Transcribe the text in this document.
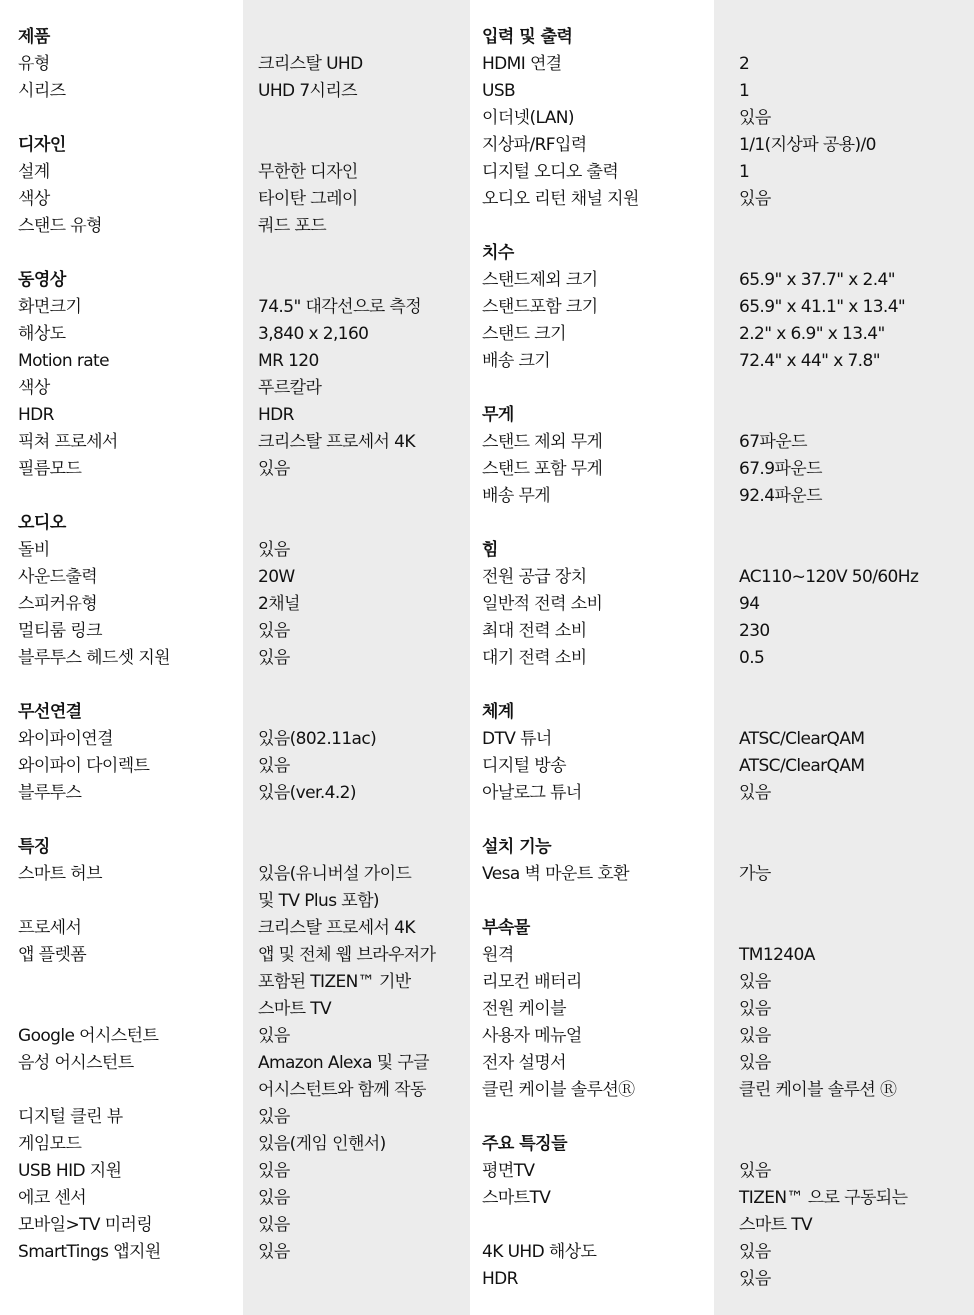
제품
유형	크리스탈 UHD
시리즈	UHD 7시리즈
디자인
설계	무한한 디자인
색상	타이탄 그레이
스탠드 유형	쿼드 포드
동영상
화면크기	74.5" 대각선으로 측정
해상도	3,840 x 2,160
Motion rate	MR 120
색상	푸르칼라
HDR	HDR
픽쳐 프로세서	크리스탈 프로세서 4K
필름모드	있음
오디오
돌비	있음
사운드출력	20W
스피커유형	2채널
멀티룸 링크	있음
블루투스 헤드셋 지원	있음
무선연결
와이파이연결	있음(802.11ac)
와이파이 다이렉트	있음
블루투스	있음(ver.4.2)
특징
스마트 허브	있음(유니버설 가이드
및 TV Plus 포함)
프로세서	크리스탈 프로세서 4K
앱 플렛폼	앱 및 전체 웹 브라우저가
포함된 TIZEN™ 기반
스마트 TV
Google 어시스턴트	있음
음성 어시스턴트	Amazon Alexa 및 구글
어시스턴트와 함께 작동
디지털 클린 뷰	있음
게임모드	있음(게임 인핸서)
USB HID 지원	있음
에코 센서	있음
모바일>TV 미러링	있음
SmartTings 앱지원	있음
입력 및 출력
HDMI 연결	2
USB	1
이더넷(LAN)	있음
지상파/RF입력	1/1(지상파 공용)/0
디지털 오디오 출력	1
오디오 리턴 채널 지원	있음
치수
스탠드제외 크기	65.9" x 37.7" x 2.4"
스탠드포함 크기	65.9" x 41.1" x 13.4"
스탠드 크기	2.2" x 6.9" x 13.4"
배송 크기	72.4" x 44" x 7.8"
무게
스탠드 제외 무게	67파운드
스탠드 포함 무게	67.9파운드
배송 무게	92.4파운드
힘
전원 공급 장치	AC110~120V 50/60Hz
일반적 전력 소비	94
최대 전력 소비	230
대기 전력 소비	0.5
체계
DTV 튜너	ATSC/ClearQAM
디지털 방송	ATSC/ClearQAM
아날로그 튜너	있음
설치 기능
Vesa 벽 마운트 호환	가능
부속물
원격	TM1240A
리모컨 배터리	있음
전원 케이블	있음
사용자 메뉴얼	있음
전자 설명서	있음
클린 케이블 솔루션Ⓡ	클린 케이블 솔루션 Ⓡ
주요 특징들
평면TV	있음
스마트TV	TIZEN™ 으로 구동되는
스마트 TV
4K UHD 해상도	있음
HDR	있음
